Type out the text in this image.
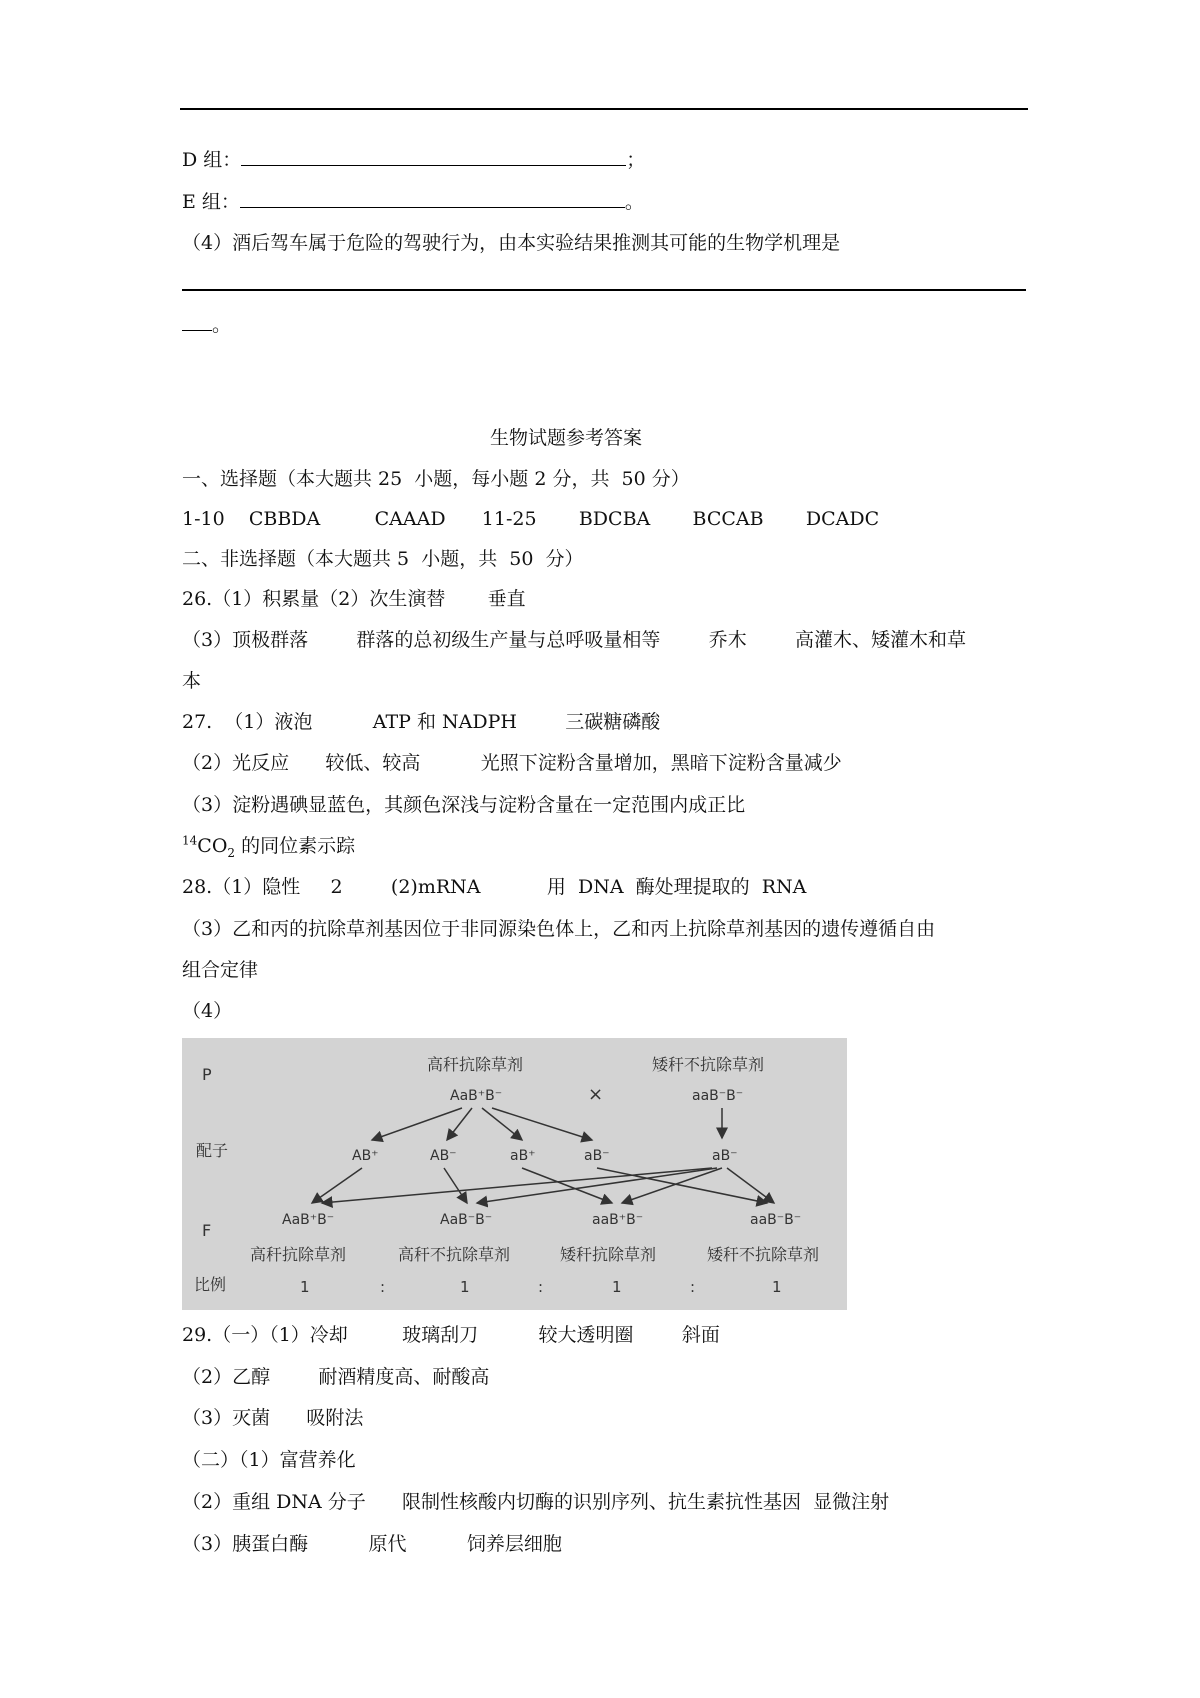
D 组：	；
E 组：	。
（4）酒后驾车属于危险的驾驶行为，由本实验结果推测其可能的生物学机理是
。
生物试题参考答案
一、选择题（本大题共 25  小题，每小题 2 分，共  50 分）
1-10    CBBDA         CAAAD      11-25       BDCBA       BCCAB       DCADC
二、非选择题（本大题共 5  小题，共  50  分）
26.（1）积累量（2）次生演替       垂直
（3）顶极群落        群落的总初级生产量与总呼吸量相等        乔木        高灌木、矮灌木和草
本
27.  （1）液泡          ATP 和 NADPH        三碳糖磷酸
（2）光反应      较低、较高          光照下淀粉含量增加，黑暗下淀粉含量减少
（3）淀粉遇碘显蓝色，其颜色深浅与淀粉含量在一定范围内成正比
$^{14}CO_2$ 的同位素示踪
28.（1）隐性     2        (2)mRNA           用  DNA  酶处理提取的  RNA
（3）乙和丙的抗除草剂基因位于非同源染色体上，乙和丙上抗除草剂基因的遗传遵循自由
组合定律
（4）
P
配子
F
比例
高秆抗除草剂
AaB⁺B⁻	×
矮秆不抗除草剂
aaB⁻B⁻
AB⁺	AB⁻	aB⁺	aB⁻	aB⁻
AaB⁺B⁻	AaB⁻B⁻	aaB⁺B⁻	aaB⁻B⁻
高秆抗除草剂	高秆不抗除草剂	矮秆抗除草剂	矮秆不抗除草剂
1	:	1	:	1	:	1
29.（一）（1）冷却         玻璃刮刀          较大透明圈        斜面
（2）乙醇        耐酒精度高、耐酸高
（3）灭菌      吸附法
（二）（1）富营养化
（2）重组 DNA 分子      限制性核酸内切酶的识别序列、抗生素抗性基因  显微注射
（3）胰蛋白酶          原代          饲养层细胞
